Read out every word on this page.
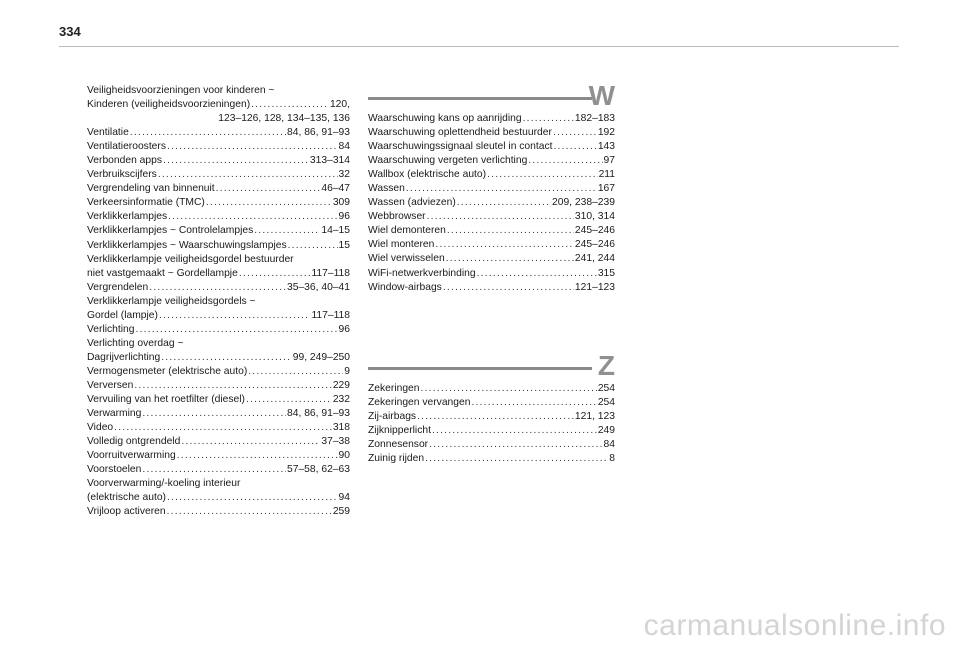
334
Veiligheidsvoorzieningen voor kinderen ~
Kinderen (veiligheidsvoorzieningen) .....	120,
123–126, 128, 134–135, 136
Ventilatie .....	84, 86, 91–93
Ventilatieroosters .....	84
Verbonden apps .....	313–314
Verbruikscijfers .....	32
Vergrendeling van binnenuit .....	46–47
Verkeersinformatie (TMC) .....	309
Verklikkerlampjes .....	96
Verklikkerlampjes ~ Controlelampjes .....	14–15
Verklikkerlampjes ~ Waarschuwingslampjes .....	15
Verklikkerlampje veiligheidsgordel bestuurder
niet vastgemaakt ~ Gordellampje .....	117–118
Vergrendelen .....	35–36, 40–41
Verklikkerlampje veiligheidsgordels ~
Gordel (lampje) .....	117–118
Verlichting .....	96
Verlichting overdag ~
Dagrijverlichting .....	99, 249–250
Vermogensmeter (elektrische auto) .....	9
Verversen .....	229
Vervuiling van het roetfilter (diesel) .....	232
Verwarming .....	84, 86, 91–93
Video .....	318
Volledig ontgrendeld .....	37–38
Voorruitverwarming .....	90
Voorstoelen .....	57–58, 62–63
Voorverwarming/-koeling interieur
(elektrische auto) .....	94
Vrijloop activeren .....	259
W
Waarschuwing kans op aanrijding .....	182–183
Waarschuwing oplettendheid bestuurder .....	192
Waarschuwingssignaal sleutel in contact .....	143
Waarschuwing vergeten verlichting .....	97
Wallbox (elektrische auto) .....	211
Wassen .....	167
Wassen (adviezen) .....	209, 238–239
Webbrowser .....	310, 314
Wiel demonteren .....	245–246
Wiel monteren .....	245–246
Wiel verwisselen .....	241, 244
WiFi-netwerkverbinding .....	315
Window-airbags .....	121–123
Z
Zekeringen .....	254
Zekeringen vervangen .....	254
Zij-airbags .....	121, 123
Zijknipperlicht .....	249
Zonnesensor .....	84
Zuinig rijden .....	8
carmanualsonline.info
